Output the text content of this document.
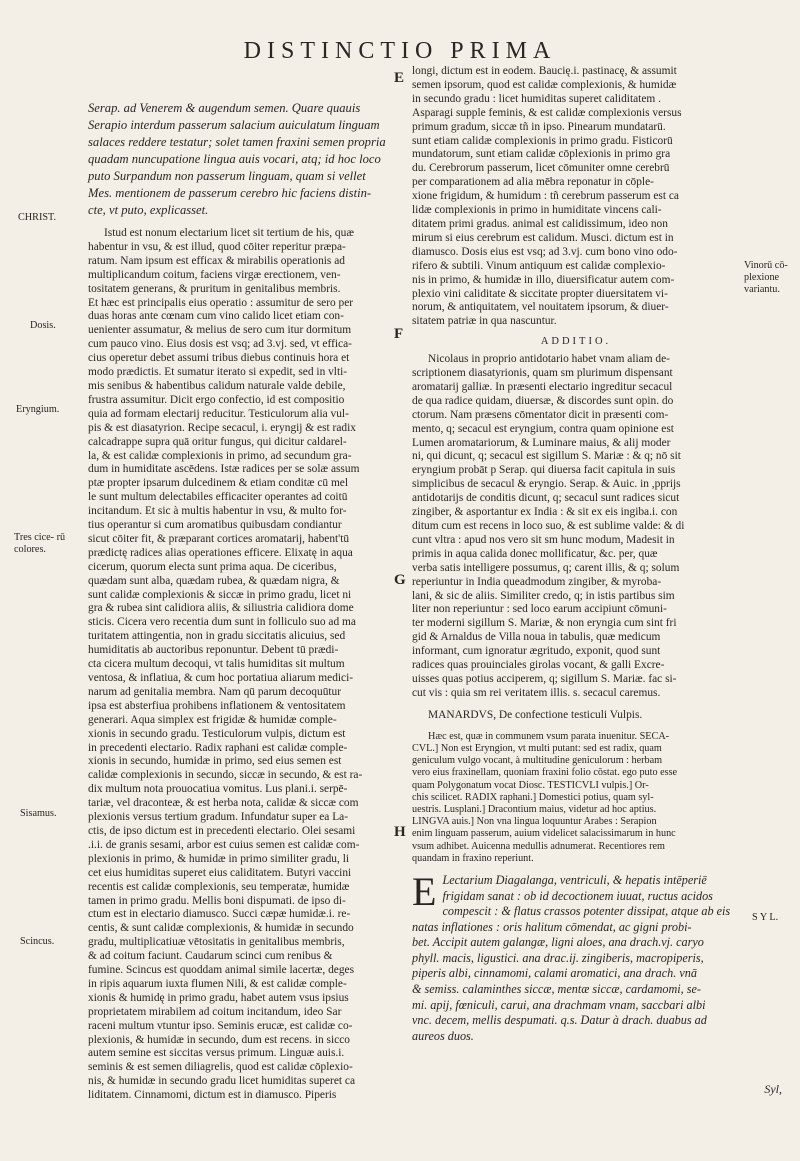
DISTINCTIO PRIMA

Serap. ad Venerem & augendum semen. Quare quauis

Serapio interdum passerum salacium auiculatum linguam

salaces reddere testatur; solet tamen fraxini semen propria

quadam nuncupatione lingua auis vocari, atq; id hoc loco

puto Surpandum non passerum linguam, quam si vellet

Mes. mentionem de passerum cerebro hic faciens distin-

cte, vt puto, explicasset.

Istud est nonum electarium licet sit tertium de his, quæ

habentur in vsu, & est illud, quod cōiter reperitur præpa-

ratum. Nam ipsum est efficax & mirabilis operationis ad

multiplicandum coitum, faciens virgæ erectionem, ven-

tositatem generans, & pruritum in genitalibus membris.

Et hæc est principalis eius operatio : assumitur de sero per

duas horas ante cœnam cum vino calido licet etiam con-

uenienter assumatur, & melius de sero cum itur dormitum

cum pauco vino. Eius dosis est vsq; ad 3.vj. sed, vt effica-

cius operetur debet assumi tribus diebus continuis hora et

modo prædictis. Et sumatur iterato si expedit, sed in vlti-

mis senibus & habentibus calidum naturale valde debile,

frustra assumitur. Dicit ergo confectio, id est compositio

quia ad formam electarij reducitur. Testiculorum alia vul-

pis & est diasatyrion. Recipe secacul, i. eryngij & est radix

calcadrappe supra quā oritur fungus, qui dicitur caldarel-

la, & est calidæ complexionis in primo, ad secundum gra-

dum in humiditate ascēdens. Istæ radices per se solæ assum

ptæ propter ipsarum dulcedinem & etiam conditæ cū mel

le sunt multum delectabiles efficaciter operantes ad coitū

incitandum. Et sic à multis habentur in vsu, & multo for-

tius operantur si cum aromatibus quibusdam condiantur

sicut cōiter fit, & præparant cortices aromatarij, habent'tū

prædictę radices alias operationes efficere. Elixatę in aqua

cicerum, quorum electa sunt prima aqua. De ciceribus,

quædam sunt alba, quædam rubea, & quædam nigra, &

sunt calidæ complexionis & siccæ in primo gradu, licet ni

gra & rubea sint calidiora aliis, & siliustria calidiora dome

sticis. Cicera vero recentia dum sunt in folliculo suo ad ma

turitatem attingentia, non in gradu siccitatis alicuius, sed

humiditatis ab auctoribus reponuntur. Debent tū prædi-

cta cicera multum decoqui, vt talis humiditas sit multum

ventosa, & inflatiua, & cum hoc portatiua aliarum medici-

narum ad genitalia membra. Nam qū parum decoquūtur

ipsa est absterfiua prohibens inflationem & ventositatem

generari. Aqua simplex est frigidæ & humidæ comple-

xionis in secundo gradu. Testiculorum vulpis, dictum est

in precedenti electario. Radix raphani est calidæ comple-

xionis in secundo, humidæ in primo, sed eius semen est

calidæ complexionis in secundo, siccæ in secundo, & est ra-

dix multum nota prouocatiua vomitus. Lus plani.i. serpē-

tariæ, vel draconteæ, & est herba nota, calidæ & siccæ com

plexionis versus tertium gradum. Infundatur super ea La-

ctis, de ipso dictum est in precedenti electario. Olei sesami

.i.i. de granis sesami, arbor est cuius semen est calidæ com-

plexionis in primo, & humidæ in primo similiter gradu, li

cet eius humiditas superet eius caliditatem. Butyri vaccini

recentis est calidæ complexionis, seu temperatæ, humidæ

tamen in primo gradu. Mellis boni dispumati. de ipso di-

ctum est in electario diamusco. Succi cæpæ humidæ.i. re-

centis, & sunt calidæ complexionis, & humidæ in secundo

gradu, multiplicatiuæ vētositatis in genitalibus membris,

& ad coitum faciunt. Caudarum scinci cum renibus &

fumine. Scincus est quoddam animal simile lacertæ, deges

in ripis aquarum iuxta flumen Nili, & est calidæ comple-

xionis & humidę in primo gradu, habet autem vsus ipsius

proprietatem mirabilem ad coitum incitandum, ideo Sar

raceni multum vtuntur ipso. Seminis erucæ, est calidæ co-

plexionis, & humidæ in secundo, dum est recens. in sicco

autem semine est siccitas versus primum. Linguæ auis.i.

seminis & est semen diliagrelis, quod est calidæ cōplexio-

nis, & humidæ in secundo gradu licet humiditas superet ca

liditatem. Cinnamomi, dictum est in diamusco. Piperis

longi, dictum est in eodem. Baucię.i. pastinacę, & assumit

semen ipsorum, quod est calidæ complexionis, & humidæ

in secundo gradu : licet humiditas superet caliditatem .

Asparagi supple feminis, & est calidæ complexionis versus

primum gradum, siccæ tñ in ipso. Pinearum mundatarū.

sunt etiam calidæ complexionis in primo gradu. Fisticorū

mundatorum, sunt etiam calidæ cōplexionis in primo gra

du. Cerebrorum passerum, licet cōmuniter omne cerebrū

per comparationem ad alia mēbra reponatur in cōple-

xione frigidum, & humidum : tñ cerebrum passerum est ca

lidæ complexionis in primo in humiditate vincens cali-

ditatem primi gradus. animal est calidissimum, ideo non

mirum si eius cerebrum est calidum. Musci. dictum est in

diamusco. Dosis eius est vsq; ad 3.vj. cum bono vino odo-

rifero & subtili. Vinum antiquum est calidæ complexio-

nis in primo, & humidæ in illo, diuersificatur autem com-

plexio vini caliditate & siccitate propter diuersitatem vi-

norum, & antiquitatem, vel nouitatem ipsorum, & diuer-

sitatem patriæ in qua nascuntur.

ADDITIO.

Nicolaus in proprio antidotario habet vnam aliam de-

scriptionem diasatyrionis, quam sm plurimum dispensant

aromatarij galliæ. In præsenti electario ingreditur secacul

de qua radice quidam, diuersæ, & discordes sunt opin. do

ctorum. Nam præsens cōmentator dicit in præsenti com-

mento, q; secacul est eryngium, contra quam opinione est

Lumen aromatariorum, & Luminare maius, & alij moder

ni, qui dicunt, q; secacul est sigillum S. Mariæ : & q; nō sit

eryngium probāt p Serap. qui diuersa facit capitula in suis

simplicibus de secacul & eryngio. Serap. & Auic. in ,pprijs

antidotarijs de conditis dicunt, q; secacul sunt radices sicut

zingiber, & asportantur ex India : & sit ex eis ingiba.i. con

ditum cum est recens in loco suo, & est sublime valde: & di

cunt vltra : apud nos vero sit sm hunc modum, Madesit in

primis in aqua calida donec mollificatur, &c. per, quæ

verba satis intelligere possumus, q; carent illis, & q; solum

reperiuntur in India queadmodum zingiber, & myroba-

lani, & sic de aliis. Similiter credo, q; in istis partibus sim

liter non reperiuntur : sed loco earum accipiunt cōmuni-

ter moderni sigillum S. Mariæ, & non eryngia cum sint fri

gid & Arnaldus de Villa noua in tabulis, quæ medicum

informant, cum ignoratur ægritudo, exponit, quod sunt

radices quas prouinciales girolas vocant, & galli Excre-

uisses quas potius acciperem, q; sigillum S. Mariæ. fac si-

cut vis : quia sm rei veritatem illis. s. secacul caremus.

MANARDVS, De confectione testiculi Vulpis.

Hæc est, quæ in communem vsum parata inuenitur. SECA-

CVL.] Non est Eryngion, vt multi putant: sed est radix, quam

geniculum vulgo vocant, à multitudine geniculorum : herbam

vero eius fraxinellam, quoniam fraxini folio cōstat. ego puto esse

quam Polygonatum vocat Diosc. TESTICVLI vulpis.] Or-

chis scilicet. RADIX raphani.] Domestici potius, quam syl-

uestris. Lusplani.] Dracontium maius, videtur ad hoc aptius.

LINGVA auis.] Non vna lingua loquuntur Arabes : Serapion

enim linguam passerum, auium videlicet salacissimarum in hunc

vsum adhibet. Auicenna medullis adnumerat. Recentiores rem

quandam in fraxino reperiunt.

E Lectarium Diagalanga, ventriculi, & hepatis intēperiē

frigidam sanat : ob id decoctionem iuuat, ructus acidos

compescit : & flatus crassos potenter dissipat, atque ab eis

natas inflationes : oris halitum cōmendat, ac gigni probi-

bet. Accipit autem galangæ, ligni aloes, ana drach.vj. caryo

phyll. macis, ligustici. ana drac.ij. zingiberis, macropiperis,

piperis albi, cinnamomi, calami aromatici, ana drach. vnā

& semiss. calaminthes siccæ, mentæ siccæ, cardamomi, se-

mi. apij, fœniculi, carui, ana drachmam vnam, saccbari albi

vnc. decem, mellis despumati. q.s. Datur à drach. duabus ad

aureos duos.

CHRIST.
Dosis.
Eryngium.
Tres cice- rū colores.
Sisamus.
Scincus.
Vinorū cō- plexione variantu.
S Y L.
E
F
G
H
Syl,
